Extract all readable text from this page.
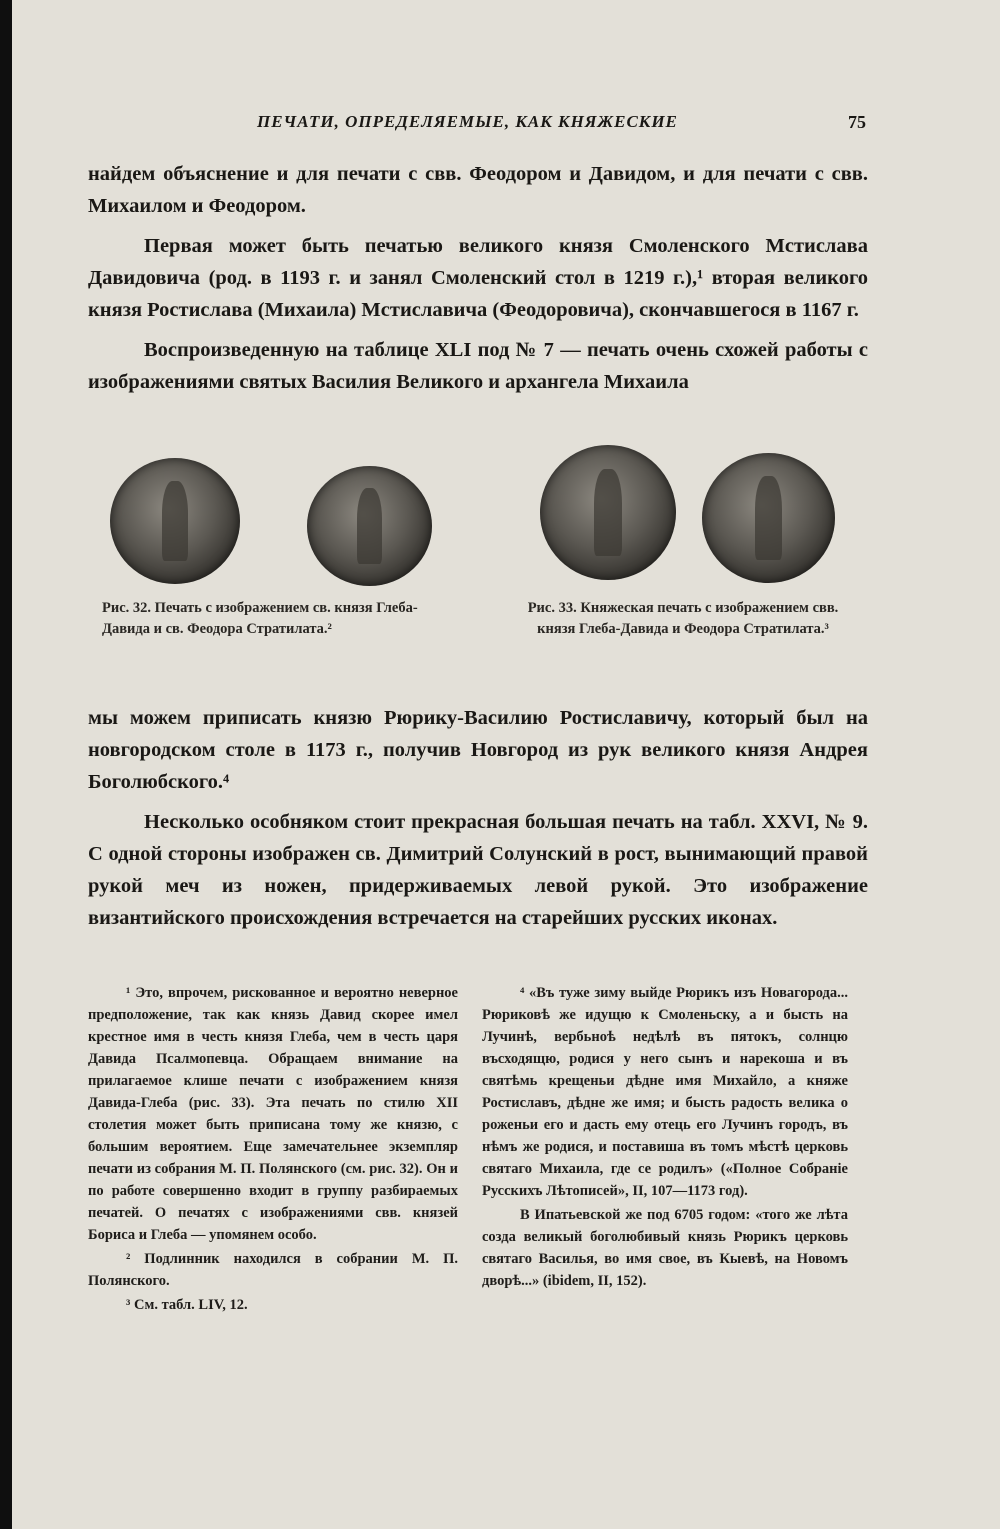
ПЕЧАТИ, ОПРЕДЕЛЯЕМЫЕ, КАК КНЯЖЕСКИЕ	75

найдем объяснение и для печати с свв. Феодором и Давидом, и для печати с свв. Михаилом и Феодором.

Первая может быть печатью великого князя Смоленского Мстислава Давидовича (род. в 1193 г. и занял Смоленский стол в 1219 г.),¹ вторая великого князя Ростислава (Михаила) Мстиславича (Феодоровича), скончавшегося в 1167 г.

Воспроизведенную на таблице XLI под № 7 — печать очень схожей работы с изображениями святых Василия Великого и архангела Михаила

Рис. 32. Печать с изображением св. князя Глеба-Давида и св. Феодора Стратилата.²
Рис. 33. Княжеская печать с изображением свв. князя Глеба-Давида и Феодора Стратилата.³

мы можем приписать князю Рюрику-Василию Ростиславичу, который был на новгородском столе в 1173 г., получив Новгород из рук великого князя Андрея Боголюбского.⁴

Несколько особняком стоит прекрасная большая печать на табл. XXVI, № 9. С одной стороны изображен св. Димитрий Солунский в рост, вынимающий правой рукой меч из ножен, придерживаемых левой рукой. Это изображение византийского происхождения встречается на старейших русских иконах.

¹ Это, впрочем, рискованное и вероятно неверное предположение, так как князь Давид скорее имел крестное имя в честь князя Глеба, чем в честь царя Давида Псалмопевца. Обращаем внимание на прилагаемое клише печати с изображением князя Давида-Глеба (рис. 33). Эта печать по стилю XII столетия может быть приписана тому же князю, с большим вероятием. Еще замечательнее экземпляр печати из собрания М. П. Полянского (см. рис. 32). Он и по работе совершенно входит в группу разбираемых печатей. О печатях с изображениями свв. князей Бориса и Глеба — упомянем особо.

² Подлинник находился в собрании М. П. Полянского.

³ См. табл. LIV, 12.

⁴ «Въ туже зиму выйде Рюрикъ изъ Новагорода... Рюриковѣ же идущю к Смоленьску, а и бысть на Лучинѣ, вербьноѣ недѣлѣ въ пятокъ, солнцю въсходящю, родися у него сынъ и нарекоша и въ святѣмь крещеньи дѣдне имя Михайло, а княже Ростиславъ, дѣдне же имя; и бысть радость велика о роженьи его и дасть ему отець его Лучинъ городъ, въ нѣмъ же родися, и поставиша въ томъ мѣстѣ церковь святаго Михаила, где се родилъ» («Полное Собраніе Русскихъ Лѣтописей», II, 107—1173 год).

В Ипатьевской же под 6705 годом: «того же лѣта созда великый боголюбивый князь Рюрикъ церковь святаго Василья, во имя свое, въ Кыевѣ, на Новомъ дворѣ...» (ibidem, II, 152).
